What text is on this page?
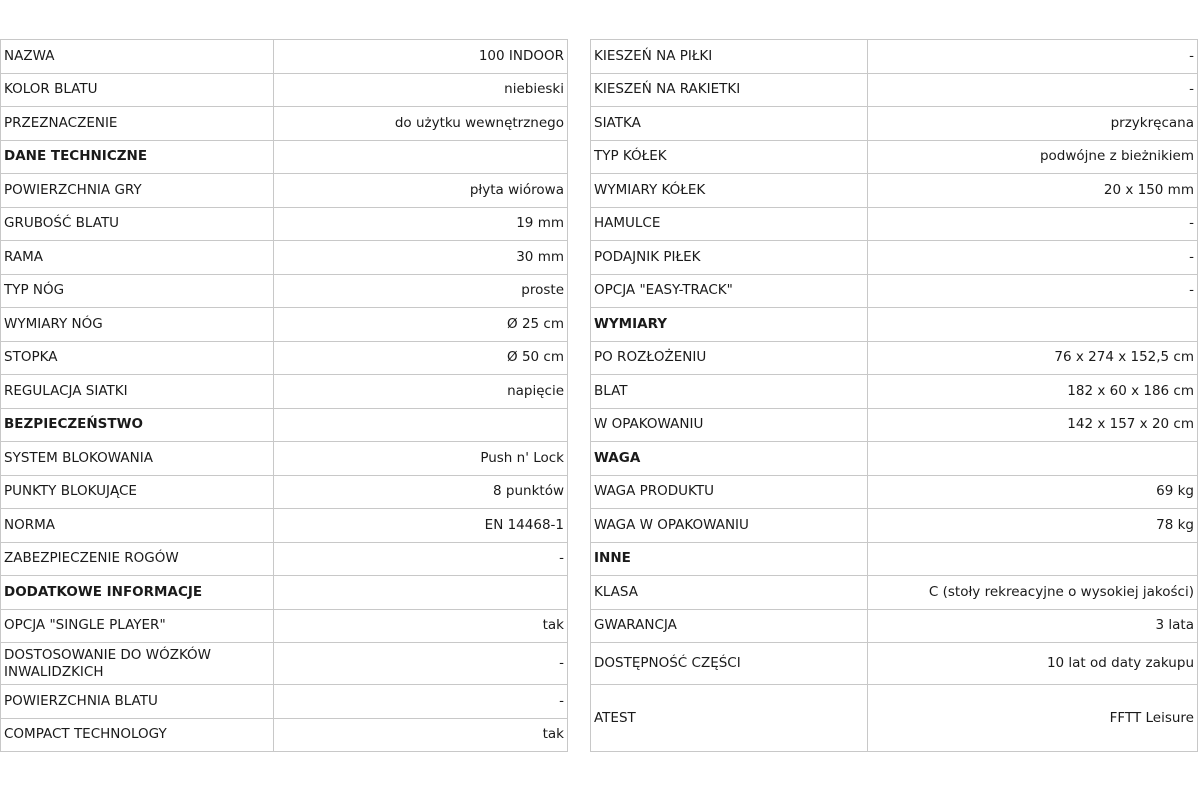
NAZWA	100 INDOOR
KOLOR BLATU	niebieski
PRZEZNACZENIE	do użytku wewnętrznego
DANE TECHNICZNE	
POWIERZCHNIA GRY	płyta wiórowa
GRUBOŚĆ BLATU	19 mm
RAMA	30 mm
TYP NÓG	proste
WYMIARY NÓG	Ø 25 cm
STOPKA	Ø 50 cm
REGULACJA SIATKI	napięcie
BEZPIECZEŃSTWO	
SYSTEM BLOKOWANIA	Push n' Lock
PUNKTY BLOKUJĄCE	8 punktów
NORMA	EN 14468-1
ZABEZPIECZENIE ROGÓW	-
DODATKOWE INFORMACJE	
OPCJA "SINGLE PLAYER"	tak
DOSTOSOWANIE DO WÓZKÓW INWALIDZKICH	-
POWIERZCHNIA BLATU	-
COMPACT TECHNOLOGY	tak
KIESZEŃ NA PIŁKI	-
KIESZEŃ NA RAKIETKI	-
SIATKA	przykręcana
TYP KÓŁEK	podwójne z bieżnikiem
WYMIARY KÓŁEK	20 x 150 mm
HAMULCE	-
PODAJNIK PIŁEK	-
OPCJA "EASY-TRACK"	-
WYMIARY	
PO ROZŁOŻENIU	76 x 274 x 152,5 cm
BLAT	182 x 60 x 186 cm
W OPAKOWANIU	142 x 157 x 20 cm
WAGA	
WAGA PRODUKTU	69 kg
WAGA W OPAKOWANIU	78 kg
INNE	
KLASA	C (stoły rekreacyjne o wysokiej jakości)
GWARANCJA	3 lata
DOSTĘPNOŚĆ CZĘŚCI	10 lat od daty zakupu
ATEST	FFTT Leisure
